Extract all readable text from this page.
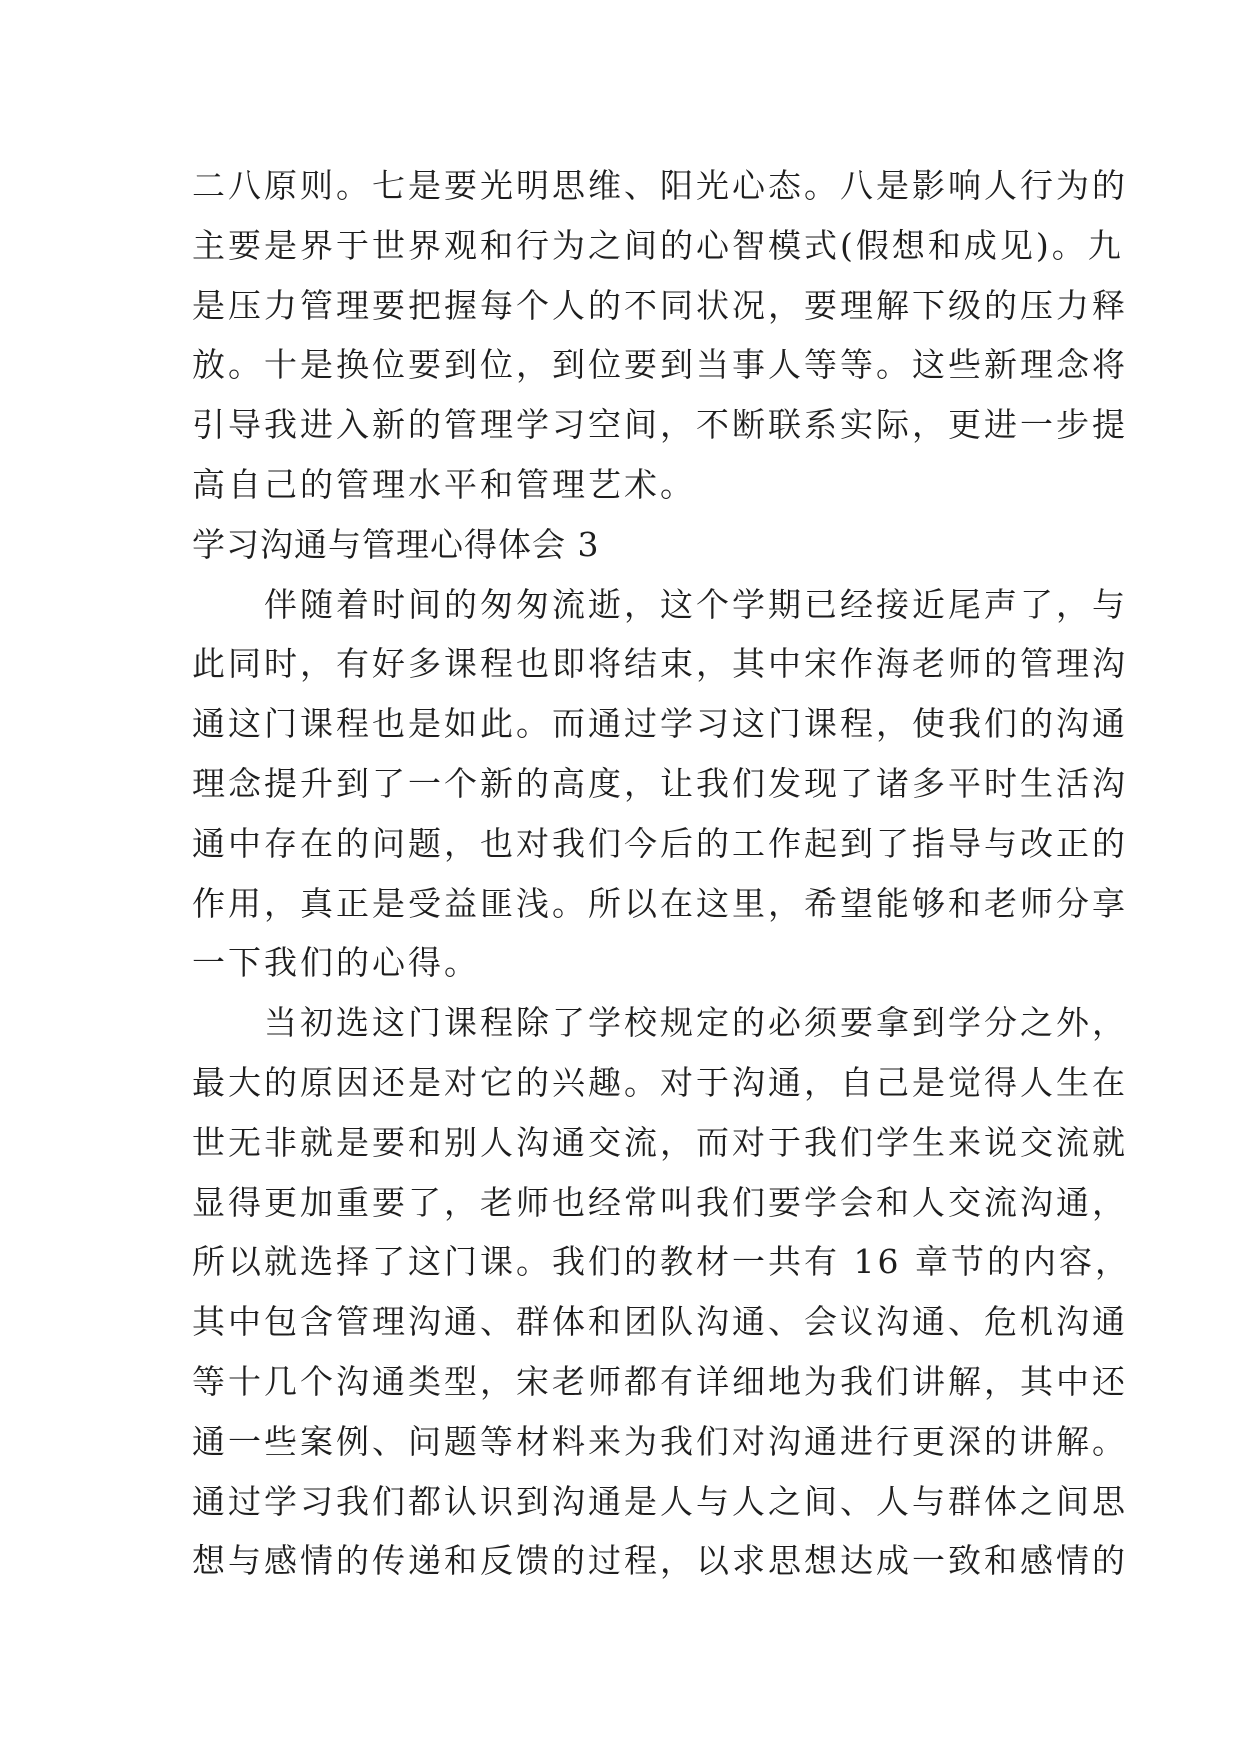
二八原则。七是要光明思维、阳光心态。八是影响人行为的
主要是界于世界观和行为之间的心智模式(假想和成见)。九
是压力管理要把握每个人的不同状况，要理解下级的压力释
放。十是换位要到位，到位要到当事人等等。这些新理念将
引导我进入新的管理学习空间，不断联系实际，更进一步提
高自己的管理水平和管理艺术。
学习沟通与管理心得体会 3
　　伴随着时间的匆匆流逝，这个学期已经接近尾声了，与
此同时，有好多课程也即将结束，其中宋作海老师的管理沟
通这门课程也是如此。而通过学习这门课程，使我们的沟通
理念提升到了一个新的高度，让我们发现了诸多平时生活沟
通中存在的问题，也对我们今后的工作起到了指导与改正的
作用，真正是受益匪浅。所以在这里，希望能够和老师分享
一下我们的心得。
　　当初选这门课程除了学校规定的必须要拿到学分之外，
最大的原因还是对它的兴趣。对于沟通，自己是觉得人生在
世无非就是要和别人沟通交流，而对于我们学生来说交流就
显得更加重要了，老师也经常叫我们要学会和人交流沟通，
所以就选择了这门课。我们的教材一共有 16 章节的内容，
其中包含管理沟通、群体和团队沟通、会议沟通、危机沟通
等十几个沟通类型，宋老师都有详细地为我们讲解，其中还
通一些案例、问题等材料来为我们对沟通进行更深的讲解。
通过学习我们都认识到沟通是人与人之间、人与群体之间思
想与感情的传递和反馈的过程，以求思想达成一致和感情的
